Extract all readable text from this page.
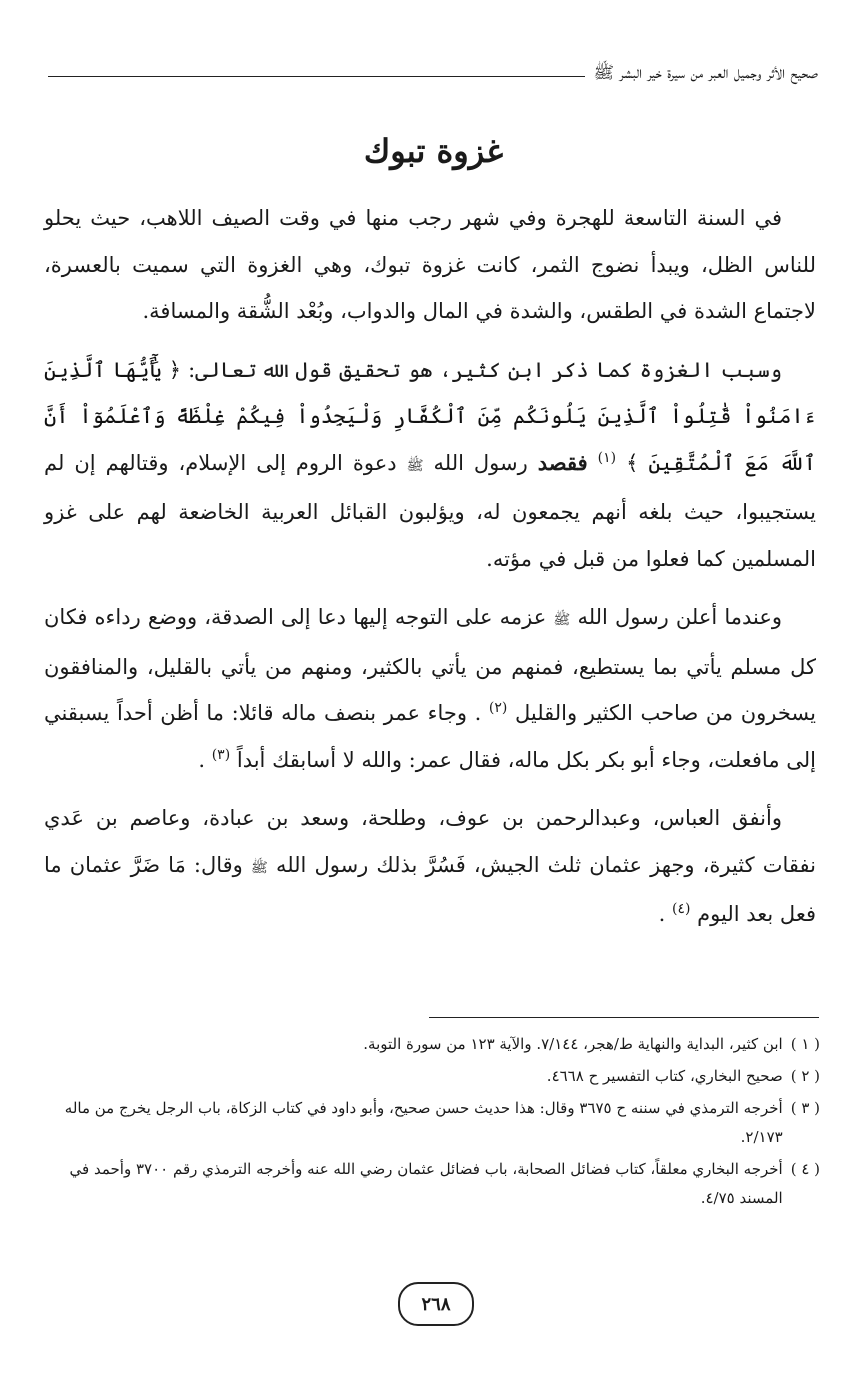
صحيح الأثر وجميل العبر من سيرة خير البشر ﷺ
غزوة تبوك

في السنة التاسعة للهجرة وفي شهر رجب منها في وقت الصيف اللاهب، حيث يحلو للناس الظل، ويبدأ نضوج الثمر، كانت غزوة تبوك، وهي الغزوة التي سميت بالعسرة، لاجتماع الشدة في الطقس، والشدة في المال والدواب، وبُعْد الشُّقة والمسافة.

وسبب الغزوة كما ذكر ابن كثير، هو تحقيق قول الله تعالى: ﴿ يَٰٓأَيُّهَا ٱلَّذِينَ ءَامَنُواْ قَٰتِلُواْ ٱلَّذِينَ يَلُونَكُم مِّنَ ٱلْكُفَّارِ وَلْيَجِدُواْ فِيكُمْ غِلْظَةً وَٱعْلَمُوٓاْ أَنَّ ٱللَّهَ مَعَ ٱلْمُتَّقِينَ ﴾ $^{(١)}$ فقصد رسول الله ﷺ دعوة الروم إلى الإسلام، وقتالهم إن لم يستجيبوا، حيث بلغه أنهم يجمعون له، ويؤلبون القبائل العربية الخاضعة لهم على غزو المسلمين كما فعلوا من قبل في مؤته.

وعندما أعلن رسول الله ﷺ عزمه على التوجه إليها دعا إلى الصدقة، ووضع رداءه فكان كل مسلم يأتي بما يستطيع، فمنهم من يأتي بالكثير، ومنهم من يأتي بالقليل، والمنافقون يسخرون من صاحب الكثير والقليل $^{(٢)}$ . وجاء عمر بنصف ماله قائلا: ما أظن أحداً يسبقني إلى مافعلت، وجاء أبو بكر بكل ماله، فقال عمر: والله لا أسابقك أبداً $^{(٣)}$ .

وأنفق العباس، وعبدالرحمن بن عوف، وطلحة، وسعد بن عبادة، وعاصم بن عَدي نفقات كثيرة، وجهز عثمان ثلث الجيش، فَسُرَّ بذلك رسول الله ﷺ وقال: مَا ضَرَّ عثمان ما فعل بعد اليوم $^{(٤)}$ .

( ١ )
ابن كثير، البداية والنهاية ط/هجر، ٧/١٤٤. والآية ١٢٣ من سورة التوبة.
( ٢ )
صحيح البخاري، كتاب التفسير ح ٤٦٦٨.
( ٣ )
أخرجه الترمذي في سننه ح ٣٦٧٥ وقال: هذا حديث حسن صحيح، وأبو داود في كتاب الزكاة، باب الرجل يخرج من ماله ٢/١٧٣.
( ٤ )
أخرجه البخاري معلقاً، كتاب فضائل الصحابة، باب فضائل عثمان رضي الله عنه وأخرجه الترمذي رقم ٣٧٠٠ وأحمد في المسند ٤/٧٥.
٢٦٨
